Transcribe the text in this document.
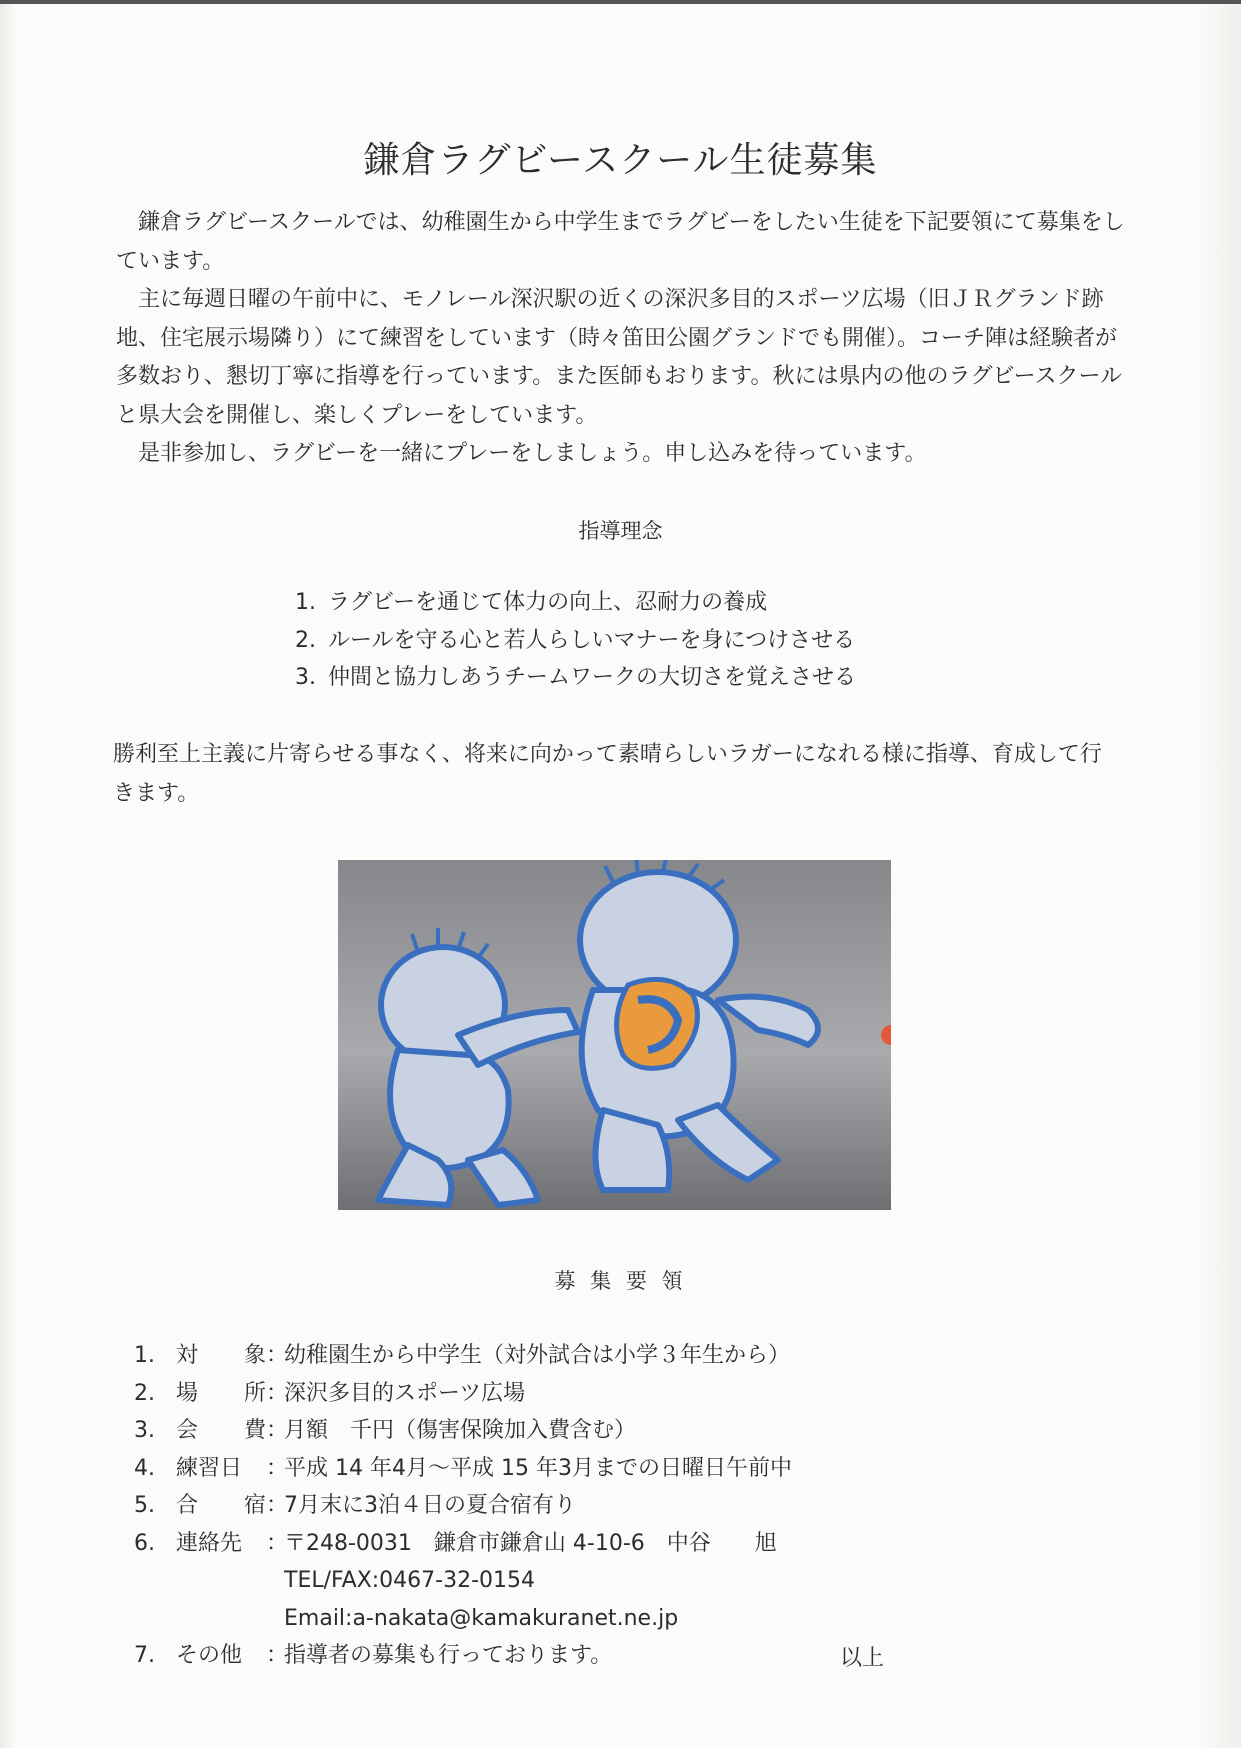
鎌倉ラグビースクール生徒募集

鎌倉ラグビースクールでは、幼稚園生から中学生までラグビーをしたい生徒を下記要領にて募集をしています。

主に毎週日曜の午前中に、モノレール深沢駅の近くの深沢多目的スポーツ広場（旧ＪＲグランド跡地、住宅展示場隣り）にて練習をしています（時々笛田公園グランドでも開催）。コーチ陣は経験者が多数おり、懇切丁寧に指導を行っています。また医師もおります。秋には県内の他のラグビースクールと県大会を開催し、楽しくプレーをしています。

是非参加し、ラグビーを一緒にプレーをしましょう。申し込みを待っています。

指導理念
1. ラグビーを通じて体力の向上、忍耐力の養成
2. ルールを守る心と若人らしいマナーを身につけさせる
3. 仲間と協力しあうチームワークの大切さを覚えさせる
勝利至上主義に片寄らせる事なく、将来に向かって素晴らしいラガーになれる様に指導、育成して行きます。
募 集 要 領
1. 対 象 ：
幼稚園生から中学生（対外試合は小学３年生から）
2. 場 所 ：
深沢多目的スポーツ広場
3. 会 費 ：
月額　千円（傷害保険加入費含む）
4. 練習日 ：
平成 14 年4月～平成 15 年3月までの日曜日午前中
5. 合 宿 ：
7月末に3泊４日の夏合宿有り
6. 連絡先 ：
〒248-0031　鎌倉市鎌倉山 4-10-6　中谷　　旭
TEL/FAX:0467-32-0154
Email:a-nakata@kamakuranet.ne.jp
7. その他 ：
指導者の募集も行っております。	以上
